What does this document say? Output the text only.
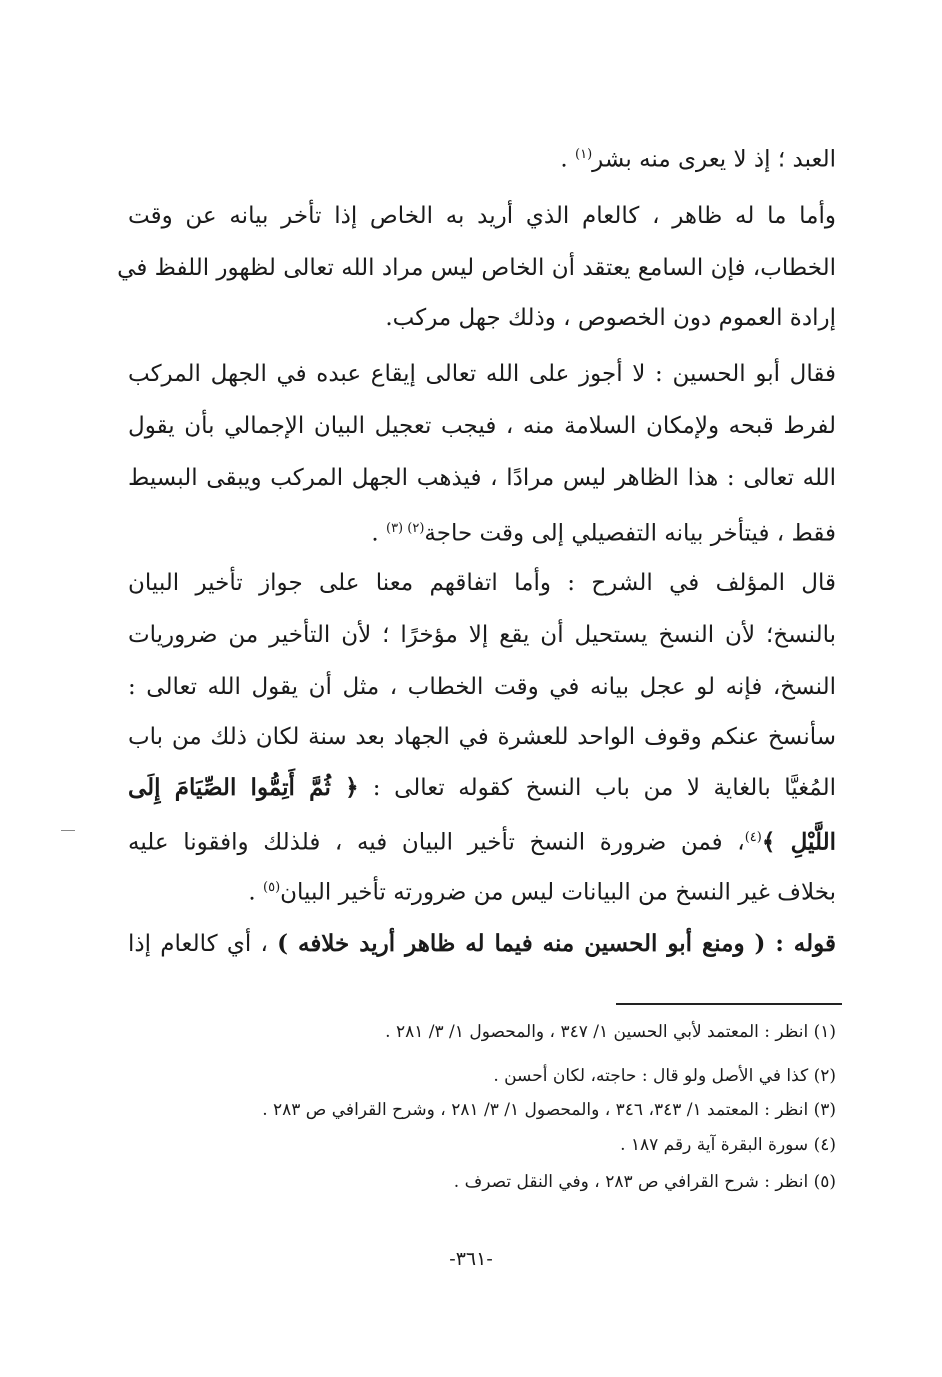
العبد ؛ إذ لا يعرى منه بشر$^{(١)}$ .
وأما ما له ظاهر ، كالعام الذي أريد به الخاص إذا تأخر بيانه عن وقت
الخطاب، فإن السامع يعتقد أن الخاص ليس مراد الله تعالى لظهور اللفظ في
إرادة العموم دون الخصوص ، وذلك جهل مركب.
فقال أبو الحسين : لا أجوز على الله تعالى إيقاع عبده في الجهل المركب
لفرط قبحه ولإمكان السلامة منه ، فيجب تعجيل البيان الإجمالي بأن يقول
الله تعالى : هذا الظاهر ليس مرادًا ، فيذهب الجهل المركب ويبقى البسيط
فقط ، فيتأخر بيانه التفصيلي إلى وقت حاجة$^{(٢) (٣)}$ .
قال المؤلف في الشرح : وأما اتفاقهم معنا على جواز تأخير البيان
بالنسخ؛ لأن النسخ يستحيل أن يقع إلا مؤخرًا ؛ لأن التأخير من ضروريات
النسخ، فإنه لو عجل بيانه في وقت الخطاب ، مثل أن يقول الله تعالى :
سأنسخ عنكم وقوف الواحد للعشرة في الجهاد بعد سنة لكان ذلك من باب
المُغيَّا بالغاية لا من باب النسخ كقوله تعالى : ﴿ ثُمَّ أَتِمُّوا الصِّيَامَ إِلَى
اللَّيْلِ ﴾$^{(٤)}$، فمن ضرورة النسخ تأخير البيان فيه ، فلذلك وافقونا عليه
بخلاف غير النسخ من البيانات ليس من ضرورته تأخير البيان$^{(٥)}$ .
قوله : ( ومنع أبو الحسين منه فيما له ظاهر أريد خلافه ) ، أي كالعام إذا
(١) انظر : المعتمد لأبي الحسين ١/ ٣٤٧ ، والمحصول ١/ ٣/ ٢٨١ .
(٢) كذا في الأصل ولو قال : حاجته، لكان أحسن .
(٣) انظر : المعتمد ١/ ٣٤٣، ٣٤٦ ، والمحصول ١/ ٣/ ٢٨١ ، وشرح القرافي ص ٢٨٣ .
(٤) سورة البقرة آية رقم ١٨٧ .
(٥) انظر : شرح القرافي ص ٢٨٣ ، وفي النقل تصرف .
-٣٦١-
